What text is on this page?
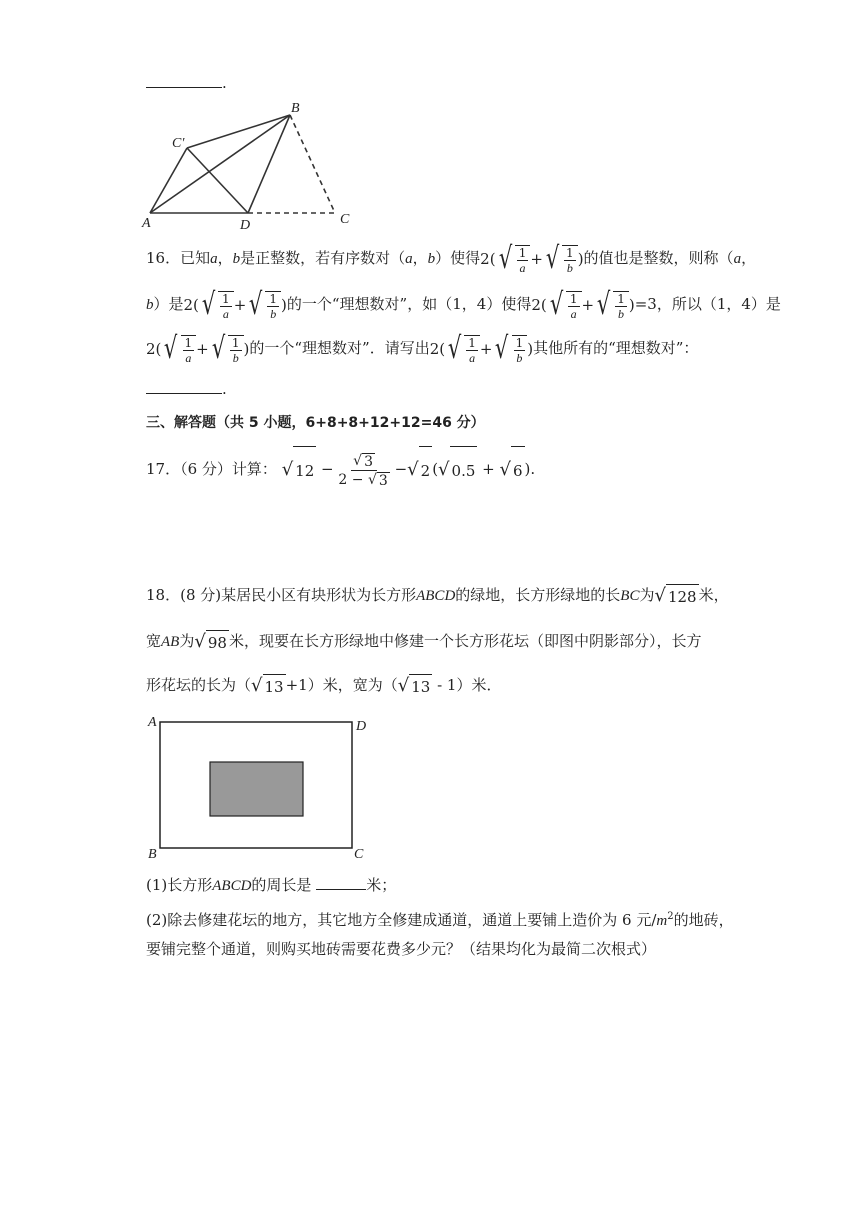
.
B
C′
A	D	C
16．已知a，b是正整数，若有序数对（a，b）使得 2( √ $\frac{1}{a}$ + √ $\frac{1}{b}$ ) 的值也是整数，则称（a，
b）是 2( √ $\frac{1}{a}$ + √ $\frac{1}{b}$ ) 的一个“理想数对”，如（1，4）使得 2( √ $\frac{1}{a}$ + √ $\frac{1}{b}$ ) =3，所以（1，4）是
2( √ $\frac{1}{a}$ + √ $\frac{1}{b}$ ) 的一个“理想数对”．请写出 2( √ $\frac{1}{a}$ + √ $\frac{1}{b}$ ) 其他所有的“理想数对”：
.
三、解答题（共 5 小题，6+8+8+12+12=46 分）
17．（6 分）计算： √ $12 - \frac{√ 3}{2 - √ 3}$ − √ 2 ( √ 0.5 + √ 6 ).
18．(8 分)某居民小区有块形状为长方形ABCD的绿地，长方形绿地的长BC为 √ 128 米，
宽AB为 √ 98 米，现要在长方形绿地中修建一个长方形花坛（即图中阴影部分），长方
形花坛的长为（ √ 13 +1）米，宽为（ √ 13 - 1）米．
A	D
B	C
(1)长方形ABCD的周长是	米；
(2)除去修建花坛的地方，其它地方全修建成通道，通道上要铺上造价为 6 元$/m^2$的地砖，
要铺完整个通道，则购买地砖需要花费多少元？（结果均化为最简二次根式）
